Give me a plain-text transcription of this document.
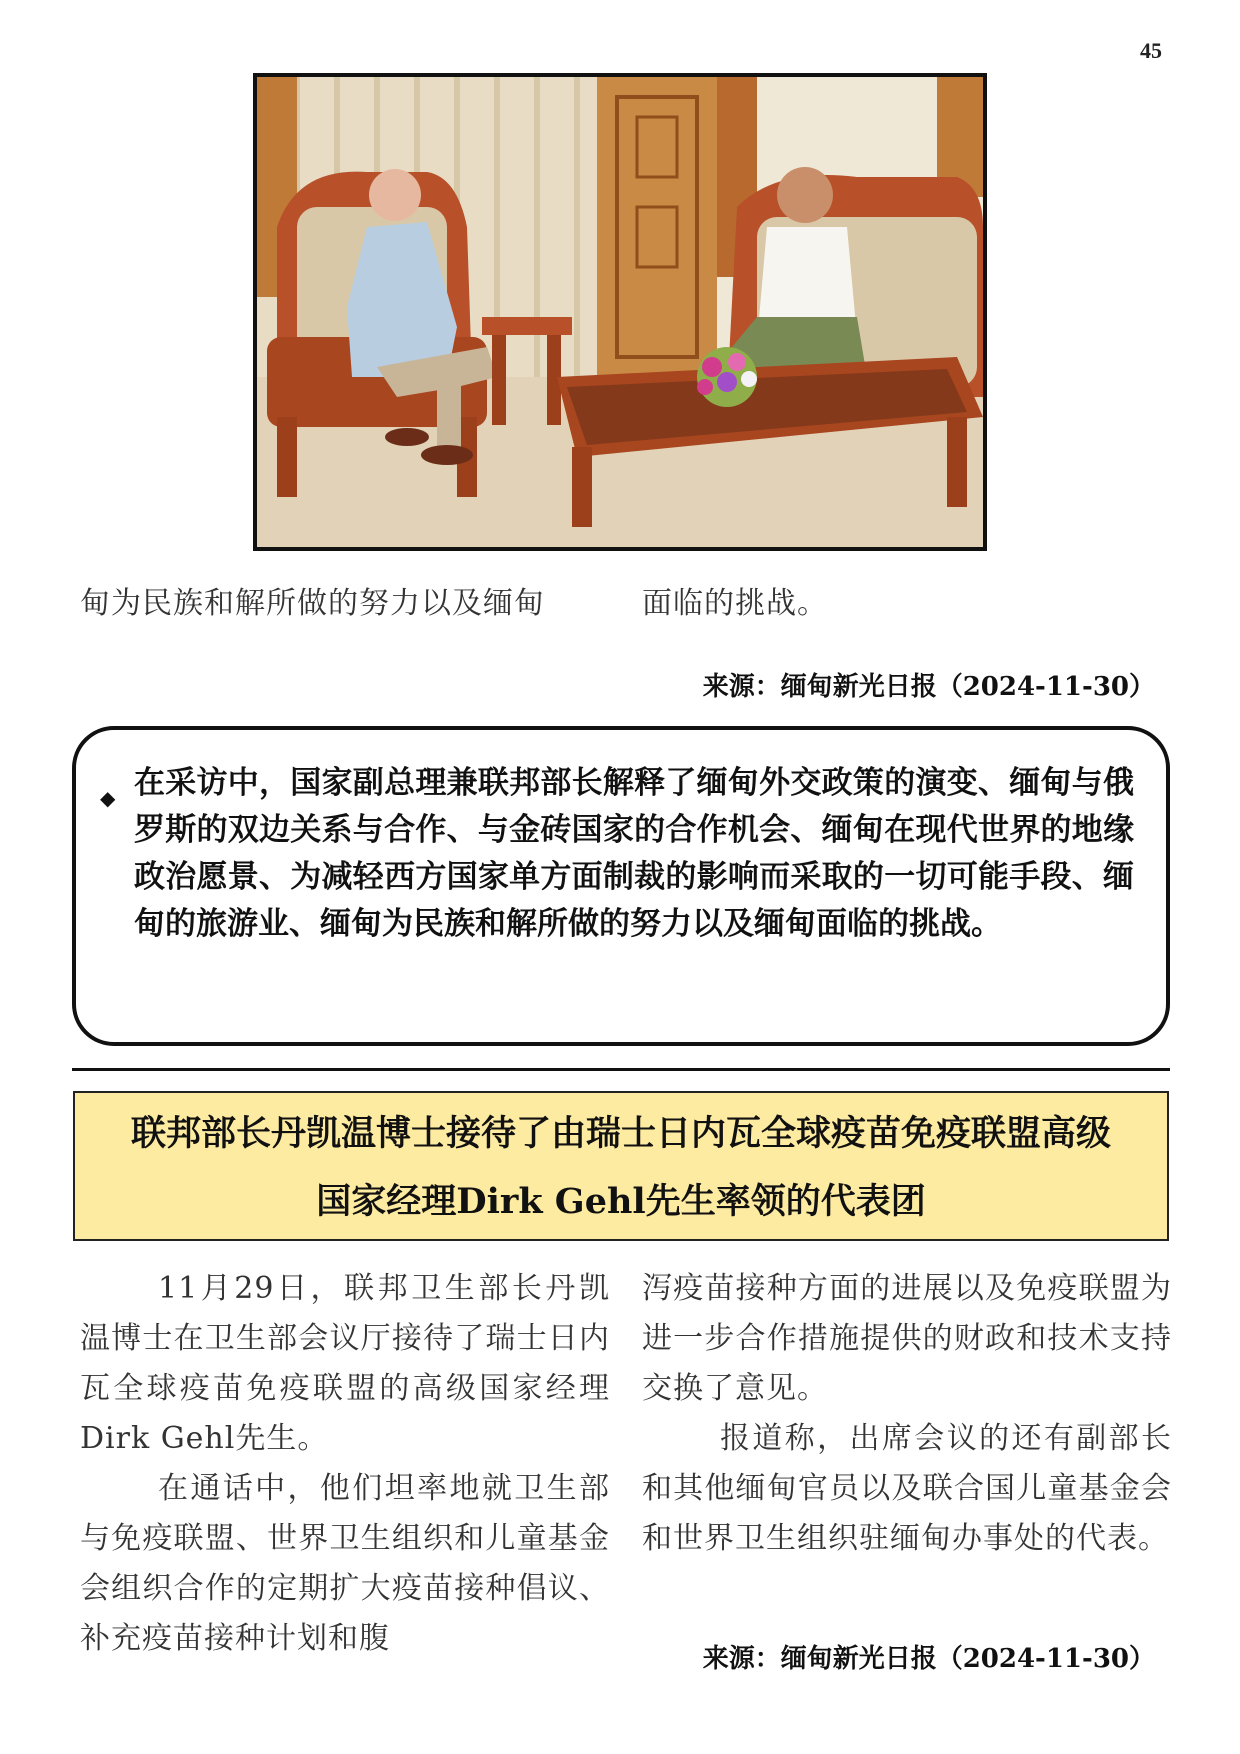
45
甸为民族和解所做的努力以及缅甸	面临的挑战。
来源：缅甸新光日报（2024-11-30）
◆ 在采访中，国家副总理兼联邦部长解释了缅甸外交政策的演变、缅甸与俄罗斯的双边关系与合作、与金砖国家的合作机会、缅甸在现代世界的地缘政治愿景、为减轻西方国家单方面制裁的影响而采取的一切可能手段、缅甸的旅游业、缅甸为民族和解所做的努力以及缅甸面临的挑战。
联邦部长丹凯温博士接待了由瑞士日内瓦全球疫苗免疫联盟高级
国家经理Dirk Gehl先生率领的代表团

11月29日，联邦卫生部长丹凯温博士在卫生部会议厅接待了瑞士日内瓦全球疫苗免疫联盟的高级国家经理Dirk Gehl先生。

在通话中，他们坦率地就卫生部与免疫联盟、世界卫生组织和儿童基金会组织合作的定期扩大疫苗接种倡议、补充疫苗接种计划和腹

泻疫苗接种方面的进展以及免疫联盟为进一步合作措施提供的财政和技术支持交换了意见。

报道称，出席会议的还有副部长和其他缅甸官员以及联合国儿童基金会和世界卫生组织驻缅甸办事处的代表。

来源：缅甸新光日报（2024-11-30）
